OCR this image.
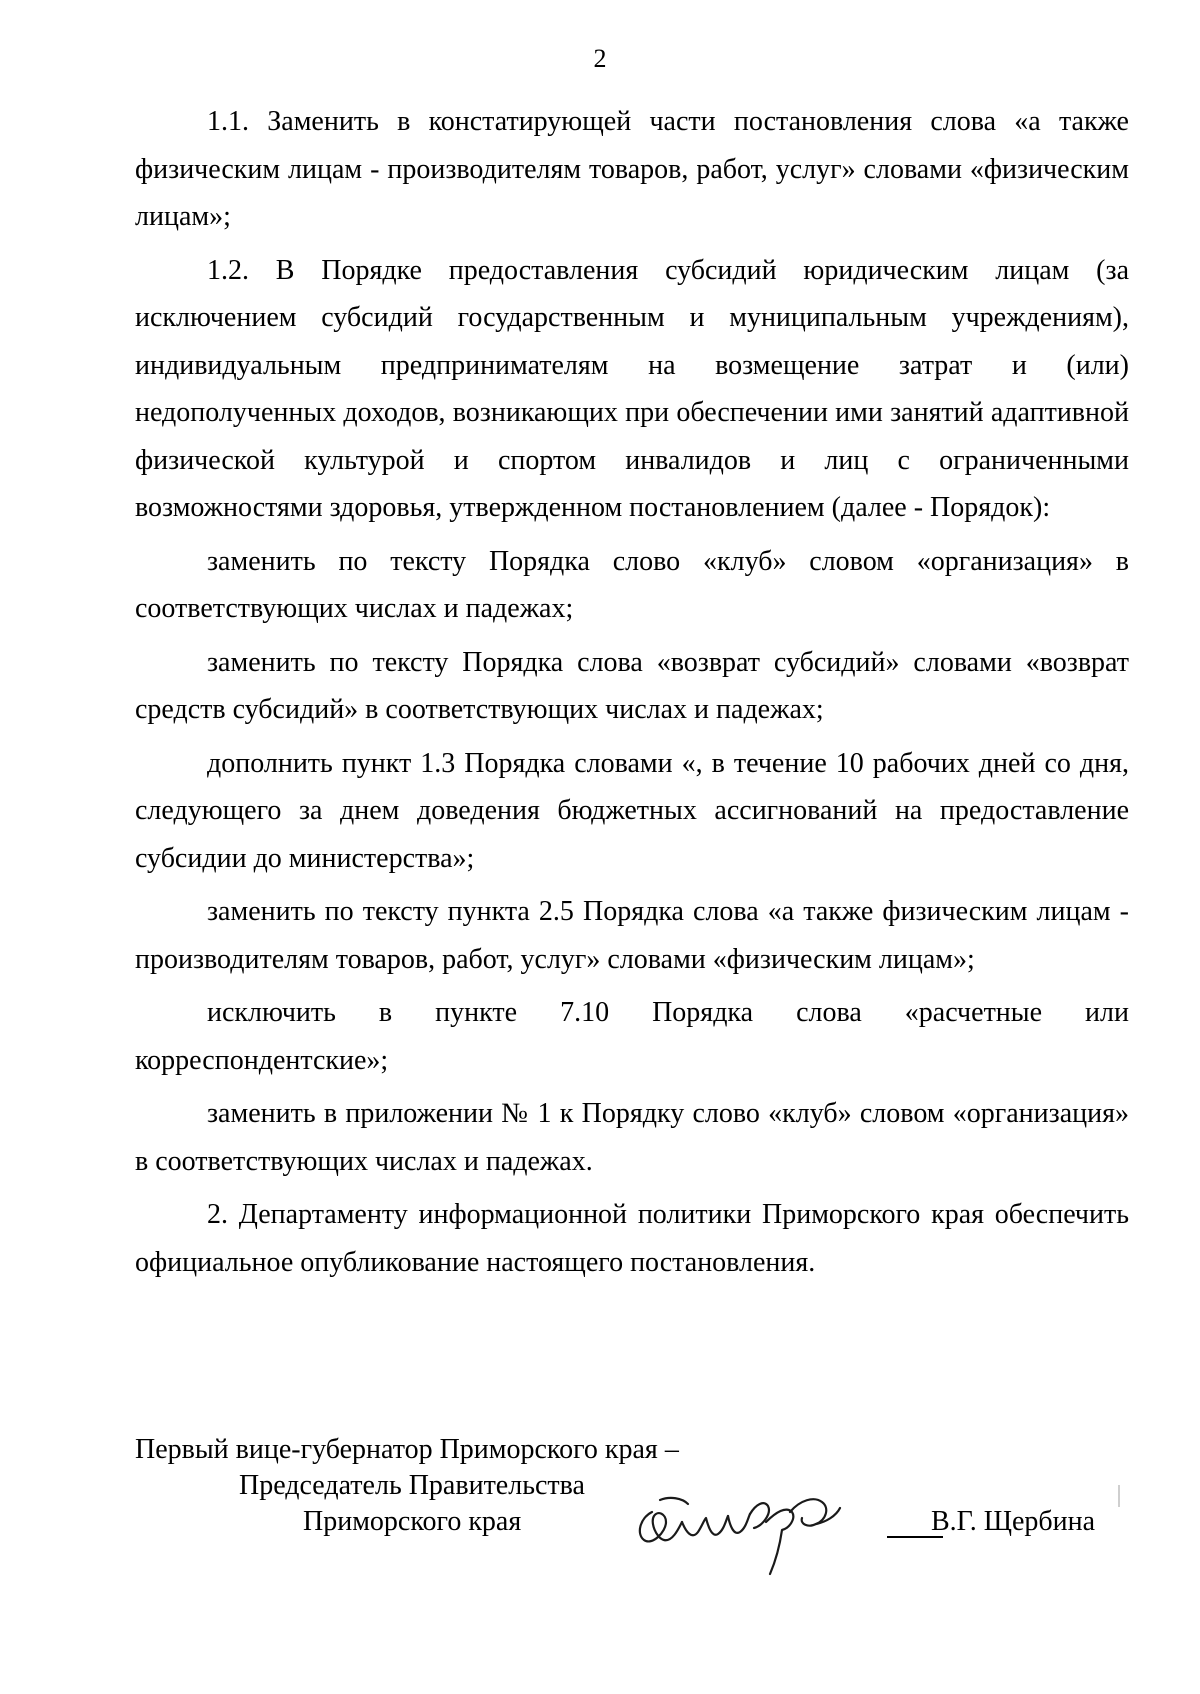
2

1.1. Заменить в констатирующей части постановления слова «а также физическим лицам - производителям товаров, работ, услуг» словами «физическим лицам»;

1.2. В Порядке предоставления субсидий юридическим лицам (за исключением субсидий государственным и муниципальным учреждениям), индивидуальным предпринимателям на возмещение затрат и (или) недополученных доходов, возникающих при обеспечении ими занятий адаптивной физической культурой и спортом инвалидов и лиц с ограниченными возможностями здоровья, утвержденном постановлением (далее - Порядок):

заменить по тексту Порядка слово «клуб» словом «организация» в соответствующих числах и падежах;

заменить по тексту Порядка слова «возврат субсидий» словами «возврат средств субсидий» в соответствующих числах и падежах;

дополнить пункт 1.3 Порядка словами «, в течение 10 рабочих дней со дня, следующего за днем доведения бюджетных ассигнований на предоставление субсидии до министерства»;

заменить по тексту пункта 2.5 Порядка слова «а также физическим лицам - производителям товаров, работ, услуг» словами «физическим лицам»;

исключить в пункте 7.10 Порядка слова «расчетные или корреспондентские»;

заменить в приложении № 1 к Порядку слово «клуб» словом «организация» в соответствующих числах и падежах.

2. Департаменту информационной политики Приморского края обеспечить официальное опубликование настоящего постановления.

Первый вице-губернатор Приморского края –
Председатель Правительства
Приморского края	В.Г. Щербина
